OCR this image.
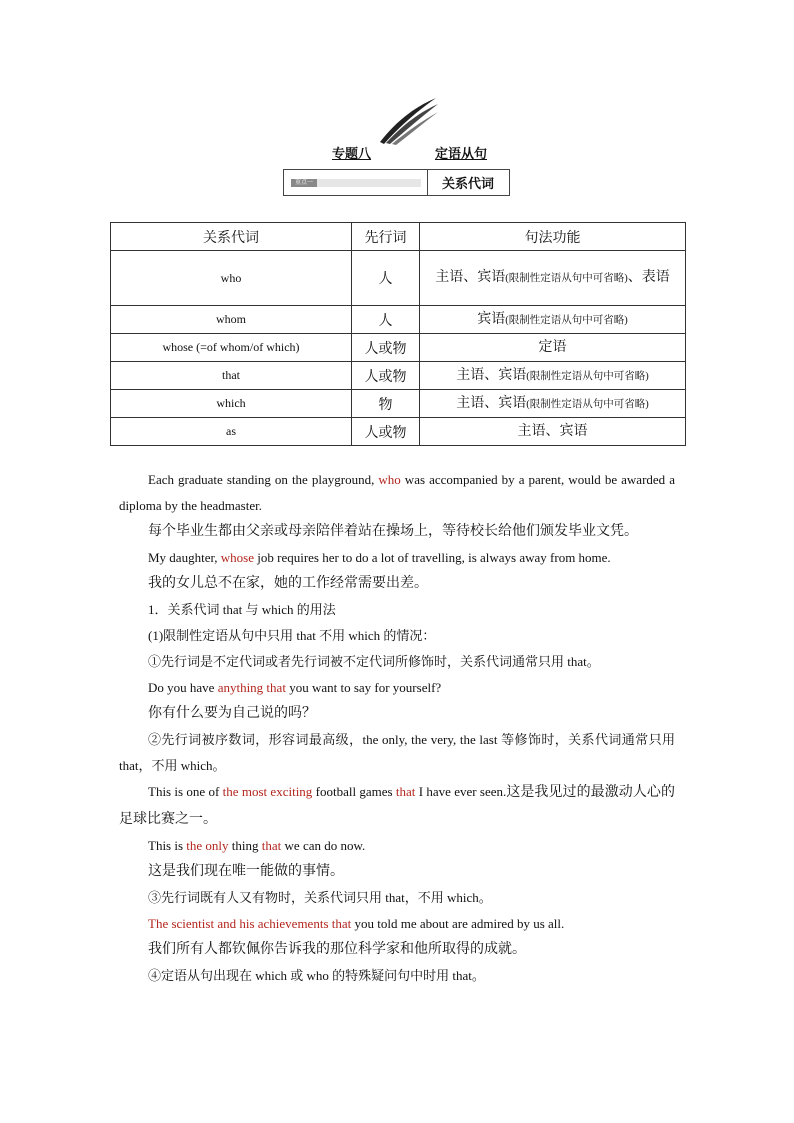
专题八	定语从句
重点一	关系代词
关系代词	先行词	句法功能
who	人	主语、宾语(限制性定语从句中可省略)、表语
whom	人	宾语(限制性定语从句中可省略)
whose (=of whom/of which)	人或物	定语
that	人或物	主语、宾语(限制性定语从句中可省略)
which	物	主语、宾语(限制性定语从句中可省略)
as	人或物	主语、宾语

Each graduate standing on the playground, who was accompanied by a parent, would be awarded a diploma by the headmaster.

每个毕业生都由父亲或母亲陪伴着站在操场上，等待校长给他们颁发毕业文凭。

My daughter, whose job requires her to do a lot of travelling, is always away from home.

我的女儿总不在家，她的工作经常需要出差。

1．关系代词 that 与 which 的用法

(1)限制性定语从句中只用 that 不用 which 的情况：

①先行词是不定代词或者先行词被不定代词所修饰时，关系代词通常只用 that。

Do you have anything that you want to say for yourself?

你有什么要为自己说的吗？

②先行词被序数词，形容词最高级，the only, the very, the last 等修饰时，关系代词通常只用 that，不用 which。

This is one of the most exciting football games that I have ever seen.这是我见过的最激动人心的足球比赛之一。

This is the only thing that we can do now.

这是我们现在唯一能做的事情。

③先行词既有人又有物时，关系代词只用 that，不用 which。

The scientist and his achievements that you told me about are admired by us all.

我们所有人都钦佩你告诉我的那位科学家和他所取得的成就。

④定语从句出现在 which 或 who 的特殊疑问句中时用 that。
